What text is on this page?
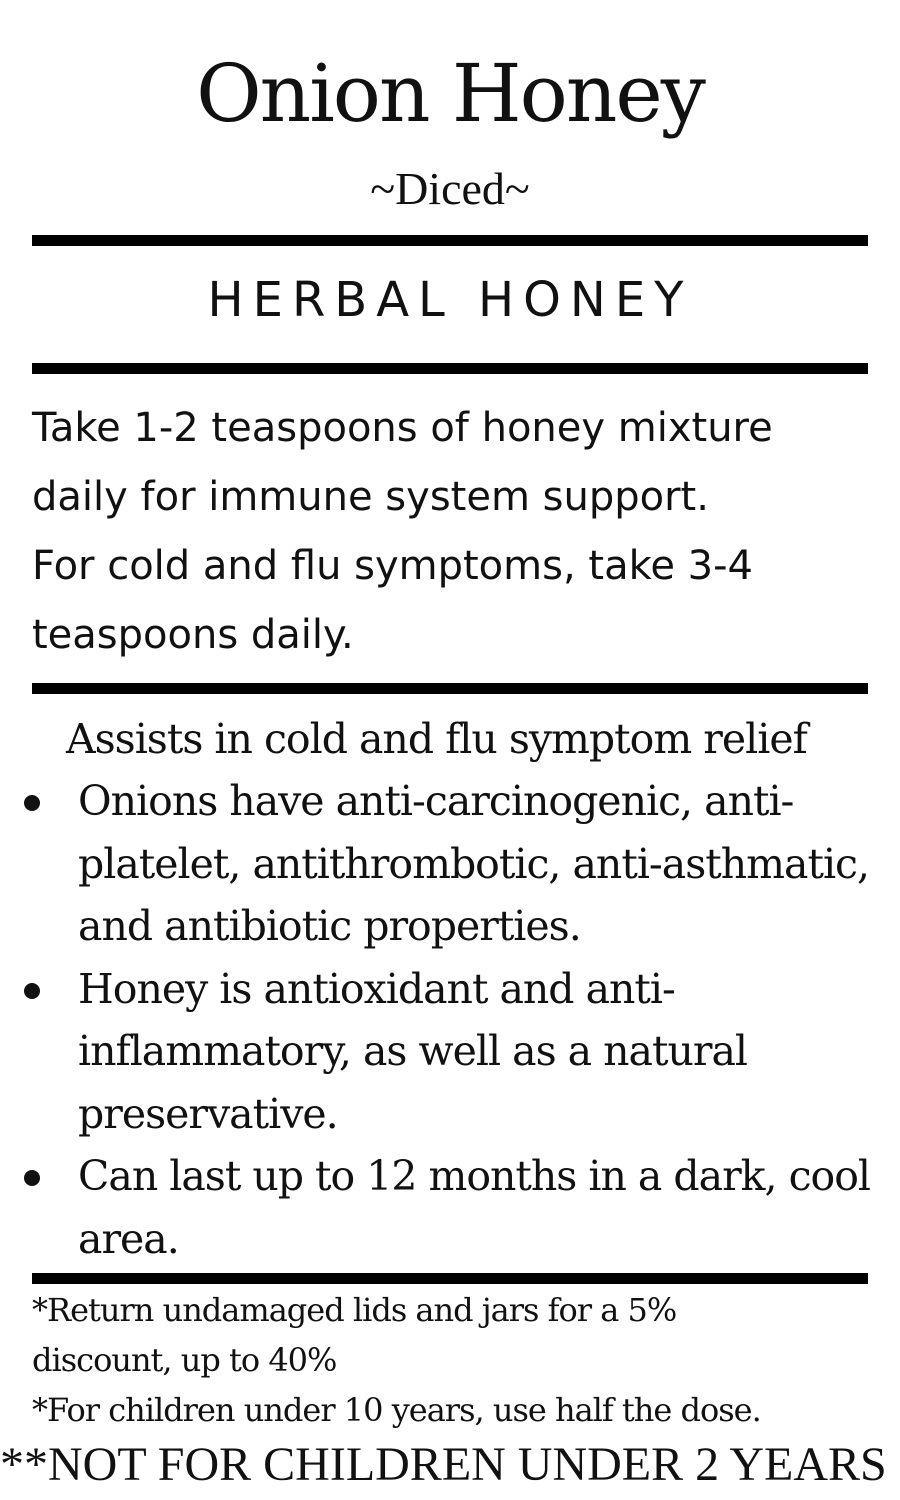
Onion Honey
~Diced~
HERBAL HONEY
Take 1-2 teaspoons of honey mixture
daily for immune system support.
For cold and flu symptoms, take 3-4
teaspoons daily.
Assists in cold and flu symptom relief
Onions have anti-carcinogenic, anti-
platelet, antithrombotic, anti-asthmatic,
and antibiotic properties.
Honey is antioxidant and anti-
inflammatory, as well as a natural
preservative.
Can last up to 12 months in a dark, cool
area.
*Return undamaged lids and jars for a 5%
discount, up to 40%
*For children under 10 years, use half the dose.
**NOT FOR CHILDREN UNDER 2 YEARS
